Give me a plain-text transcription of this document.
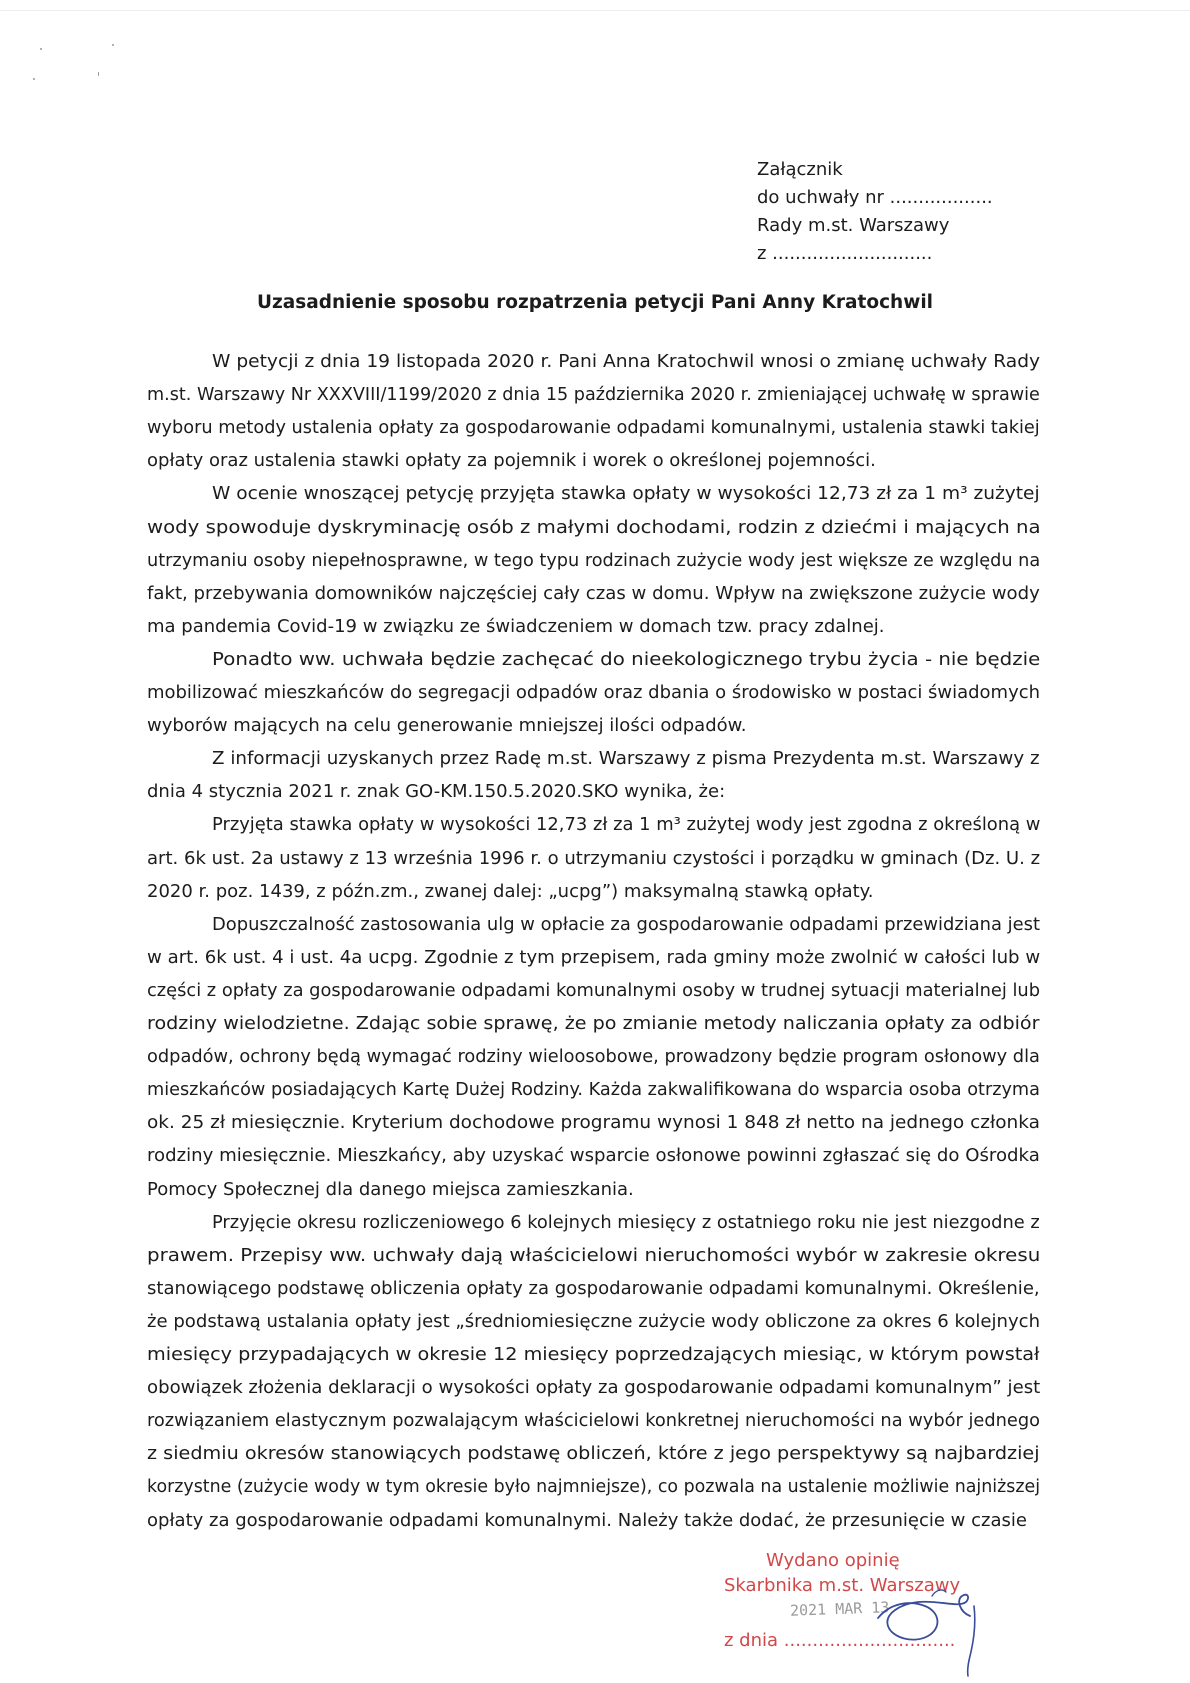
Załącznik
do uchwały nr ..................
Rady m.st. Warszawy
z ............................
Uzasadnienie sposobu rozpatrzenia petycji Pani Anny Kratochwil
W petycji z dnia 19 listopada 2020 r. Pani Anna Kratochwil wnosi o zmianę uchwały Rady
m.st. Warszawy Nr XXXVIII/1199/2020 z dnia 15 października 2020 r. zmieniającej uchwałę w sprawie
wyboru metody ustalenia opłaty za gospodarowanie odpadami komunalnymi, ustalenia stawki takiej
opłaty oraz ustalenia stawki opłaty za pojemnik i worek o określonej pojemności.
W ocenie wnoszącej petycję przyjęta stawka opłaty w wysokości 12,73 zł za 1 m³ zużytej
wody spowoduje dyskryminację osób z małymi dochodami, rodzin z dziećmi i mających na
utrzymaniu osoby niepełnosprawne, w tego typu rodzinach zużycie wody jest większe ze względu na
fakt, przebywania domowników najczęściej cały czas w domu. Wpływ na zwiększone zużycie wody
ma pandemia Covid-19 w związku ze świadczeniem w domach tzw. pracy zdalnej.
Ponadto ww. uchwała będzie zachęcać do nieekologicznego trybu życia - nie będzie
mobilizować mieszkańców do segregacji odpadów oraz dbania o środowisko w postaci świadomych
wyborów mających na celu generowanie mniejszej ilości odpadów.
Z informacji uzyskanych przez Radę m.st. Warszawy z pisma Prezydenta m.st. Warszawy z
dnia 4 stycznia 2021 r. znak GO-KM.150.5.2020.SKO wynika, że:
Przyjęta stawka opłaty w wysokości 12,73 zł za 1 m³ zużytej wody jest zgodna z określoną w
art. 6k ust. 2a ustawy z 13 września 1996 r. o utrzymaniu czystości i porządku w gminach (Dz. U. z
2020 r. poz. 1439, z późn.zm., zwanej dalej: „ucpg”) maksymalną stawką opłaty.
Dopuszczalność zastosowania ulg w opłacie za gospodarowanie odpadami przewidziana jest
w art. 6k ust. 4 i ust. 4a ucpg. Zgodnie z tym przepisem, rada gminy może zwolnić w całości lub w
części z opłaty za gospodarowanie odpadami komunalnymi osoby w trudnej sytuacji materialnej lub
rodziny wielodzietne. Zdając sobie sprawę, że po zmianie metody naliczania opłaty za odbiór
odpadów, ochrony będą wymagać rodziny wieloosobowe, prowadzony będzie program osłonowy dla
mieszkańców posiadających Kartę Dużej Rodziny. Każda zakwalifikowana do wsparcia osoba otrzyma
ok. 25 zł miesięcznie. Kryterium dochodowe programu wynosi 1 848 zł netto na jednego członka
rodziny miesięcznie. Mieszkańcy, aby uzyskać wsparcie osłonowe powinni zgłaszać się do Ośrodka
Pomocy Społecznej dla danego miejsca zamieszkania.
Przyjęcie okresu rozliczeniowego 6 kolejnych miesięcy z ostatniego roku nie jest niezgodne z
prawem. Przepisy ww. uchwały dają właścicielowi nieruchomości wybór w zakresie okresu
stanowiącego podstawę obliczenia opłaty za gospodarowanie odpadami komunalnymi. Określenie,
że podstawą ustalania opłaty jest „średniomiesięczne zużycie wody obliczone za okres 6 kolejnych
miesięcy przypadających w okresie 12 miesięcy poprzedzających miesiąc, w którym powstał
obowiązek złożenia deklaracji o wysokości opłaty za gospodarowanie odpadami komunalnym” jest
rozwiązaniem elastycznym pozwalającym właścicielowi konkretnej nieruchomości na wybór jednego
z siedmiu okresów stanowiących podstawę obliczeń, które z jego perspektywy są najbardziej
korzystne (zużycie wody w tym okresie było najmniejsze), co pozwala na ustalenie możliwie najniższej
opłaty za gospodarowanie odpadami komunalnymi. Należy także dodać, że przesunięcie w czasie
Wydano opinię
Skarbnika m.st. Warszawy
z dnia ..............................
2021 MAR 13
